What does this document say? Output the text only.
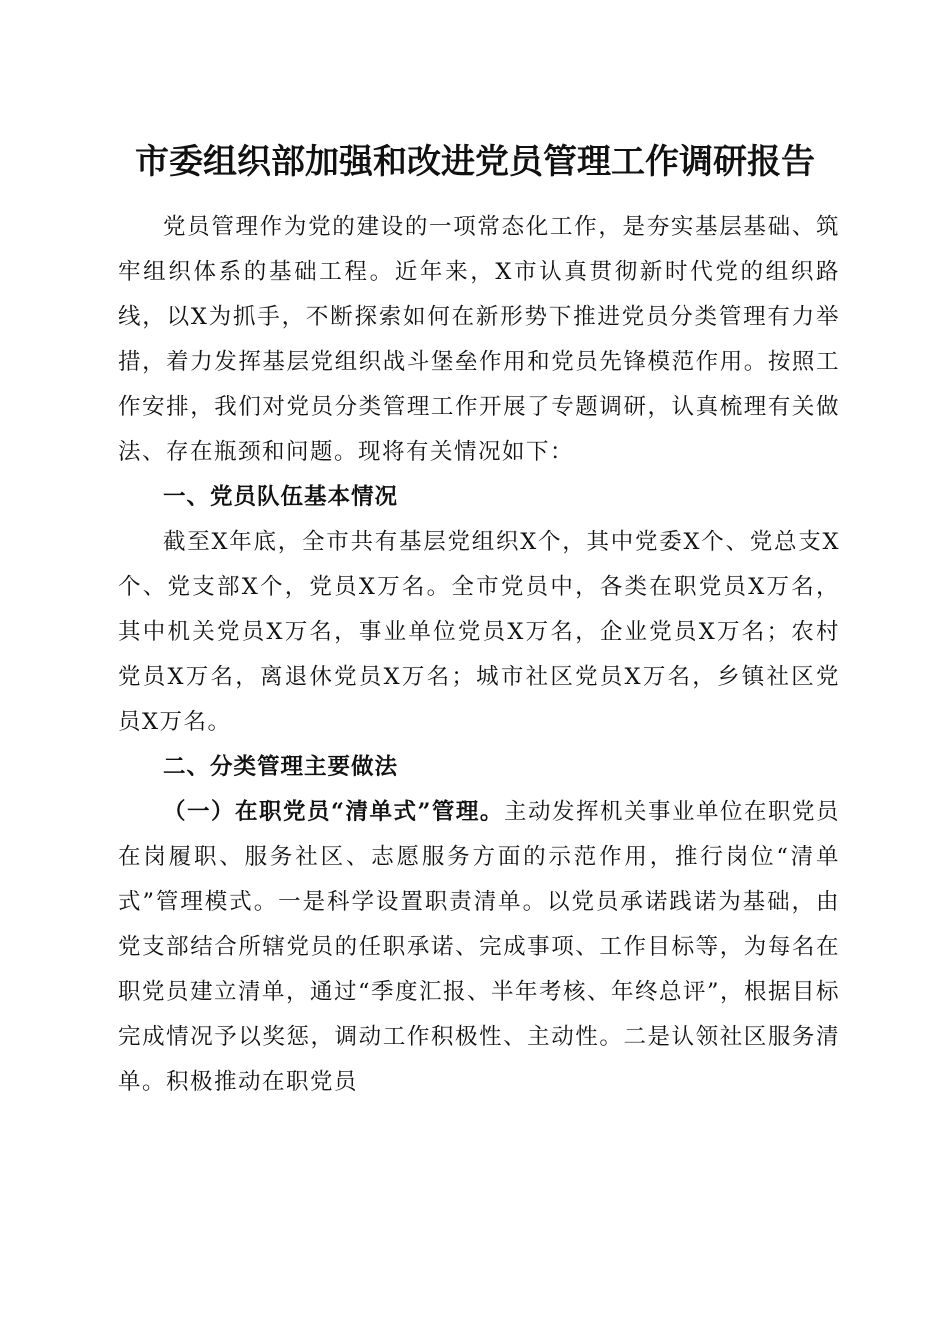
市委组织部加强和改进党员管理工作调研报告

党员管理作为党的建设的一项常态化工作，是夯实基层基础、筑牢组织体系的基础工程。近年来，X市认真贯彻新时代党的组织路线，以X为抓手，不断探索如何在新形势下推进党员分类管理有力举措，着力发挥基层党组织战斗堡垒作用和党员先锋模范作用。按照工作安排，我们对党员分类管理工作开展了专题调研，认真梳理有关做法、存在瓶颈和问题。现将有关情况如下：

一、党员队伍基本情况

截至X年底，全市共有基层党组织X个，其中党委X个、党总支X个、党支部X个，党员X万名。全市党员中，各类在职党员X万名，其中机关党员X万名，事业单位党员X万名，企业党员X万名；农村党员X万名，离退休党员X万名；城市社区党员X万名，乡镇社区党员X万名。

二、分类管理主要做法

（一）在职党员“清单式”管理。主动发挥机关事业单位在职党员在岗履职、服务社区、志愿服务方面的示范作用，推行岗位“清单式”管理模式。一是科学设置职责清单。以党员承诺践诺为基础，由党支部结合所辖党员的任职承诺、完成事项、工作目标等，为每名在职党员建立清单，通过“季度汇报、半年考核、年终总评”，根据目标完成情况予以奖惩，调动工作积极性、主动性。二是认领社区服务清单。积极推动在职党员
